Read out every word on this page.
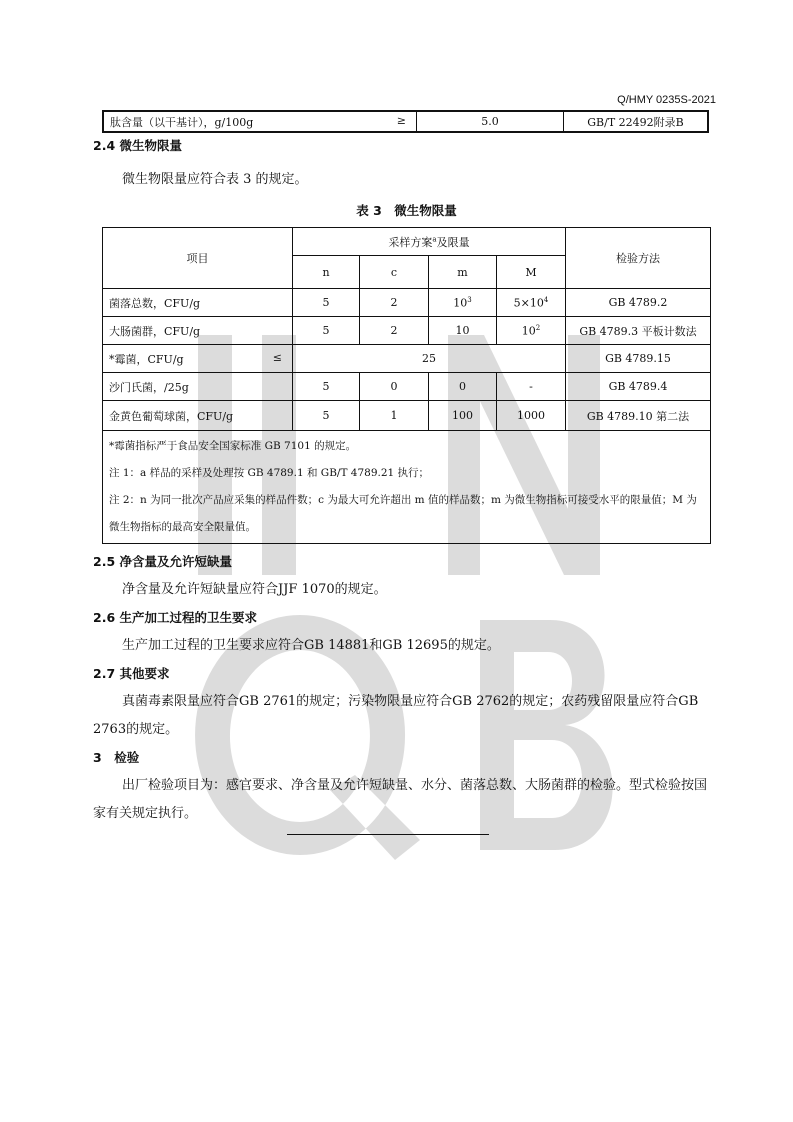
Q/HMY 0235S-2021
肽含量（以干基计），g/100g	≥	5.0	GB/T 22492附录B
2.4 微生物限量
微生物限量应符合表 3 的规定。
表 3　微生物限量
项目	采样方案$^a$及限量				检验方法
	n	c	m	M	
菌落总数，CFU/g	5	2	$10^3$	$5\times 10^4$	GB 4789.2
大肠菌群，CFU/g	5	2	10	$10^2$	GB 4789.3 平板计数法
*霉菌，CFU/g ≤	25				GB 4789.15
沙门氏菌，/25g	5	0	0	-	GB 4789.4
金黄色葡萄球菌，CFU/g	5	1	100	1000	GB 4789.10 第二法

*霉菌指标严于食品安全国家标准 GB 7101 的规定。
注 1：a 样品的采样及处理按 GB 4789.1 和 GB/T 4789.21 执行；
注 2：n 为同一批次产品应采集的样品件数；c 为最大可允许超出 m 值的样品数；m 为微生物指标可接受水平的限量值；M 为微生物指标的最高安全限量值。					
2.5 净含量及允许短缺量
净含量及允许短缺量应符合JJF 1070的规定。
2.6 生产加工过程的卫生要求
生产加工过程的卫生要求应符合GB 14881和GB 12695的规定。
2.7 其他要求
真菌毒素限量应符合GB 2761的规定；污染物限量应符合GB 2762的规定；农药残留限量应符合GB 2763的规定。
3　检验
出厂检验项目为：感官要求、净含量及允许短缺量、水分、菌落总数、大肠菌群的检验。型式检验按国家有关规定执行。
